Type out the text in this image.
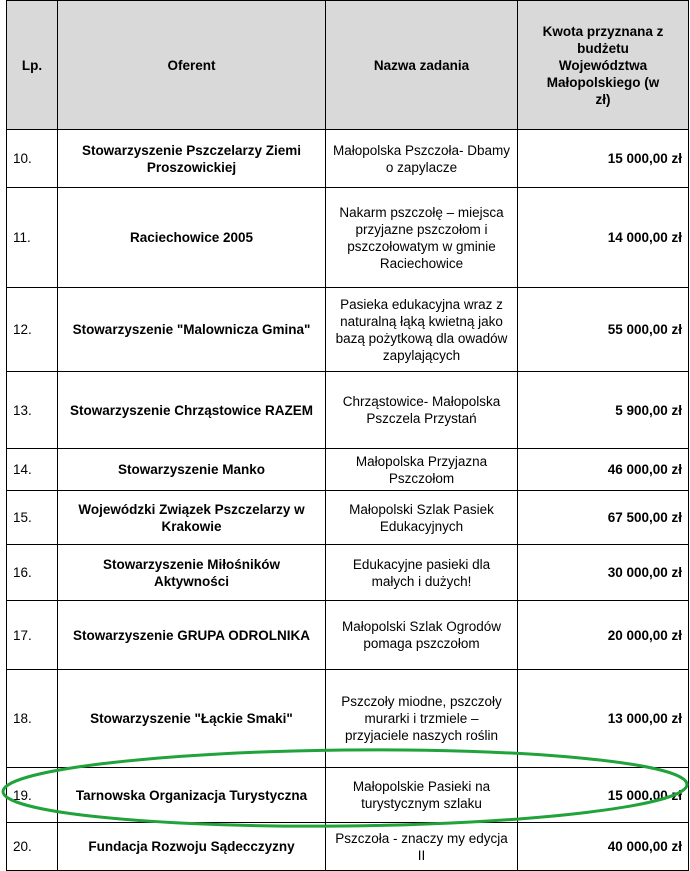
Lp.	Oferent	Nazwa zadania	Kwota przyznana z budżetu Województwa Małopolskiego (w zł)
10.	Stowarzyszenie Pszczelarzy Ziemi Proszowickiej	Małopolska Pszczoła- Dbamy o zapylacze	15 000,00 zł
11.	Raciechowice 2005	Nakarm pszczołę – miejsca przyjazne pszczołom i pszczołowatym w gminie Raciechowice	14 000,00 zł
12.	Stowarzyszenie "Malownicza Gmina"	Pasieka edukacyjna wraz z naturalną łąką kwietną jako bazą pożytkową dla owadów zapylających	55 000,00 zł
13.	Stowarzyszenie Chrząstowice RAZEM	Chrząstowice- Małopolska Pszczela Przystań	5 900,00 zł
14.	Stowarzyszenie Manko	Małopolska Przyjazna Pszczołom	46 000,00 zł
15.	Wojewódzki Związek Pszczelarzy w Krakowie	Małopolski Szlak Pasiek Edukacyjnych	67 500,00 zł
16.	Stowarzyszenie Miłośników Aktywności	Edukacyjne pasieki dla małych i dużych!	30 000,00 zł
17.	Stowarzyszenie GRUPA ODROLNIKA	Małopolski Szlak Ogrodów pomaga pszczołom	20 000,00 zł
18.	Stowarzyszenie "Łąckie Smaki"	Pszczoły miodne, pszczoły murarki i trzmiele – przyjaciele naszych roślin	13 000,00 zł
19.	Tarnowska Organizacja Turystyczna	Małopolskie Pasieki na turystycznym szlaku	15 000,00 zł
20.	Fundacja Rozwoju Sądecczyzny	Pszczoła - znaczy my edycja II	40 000,00 zł
